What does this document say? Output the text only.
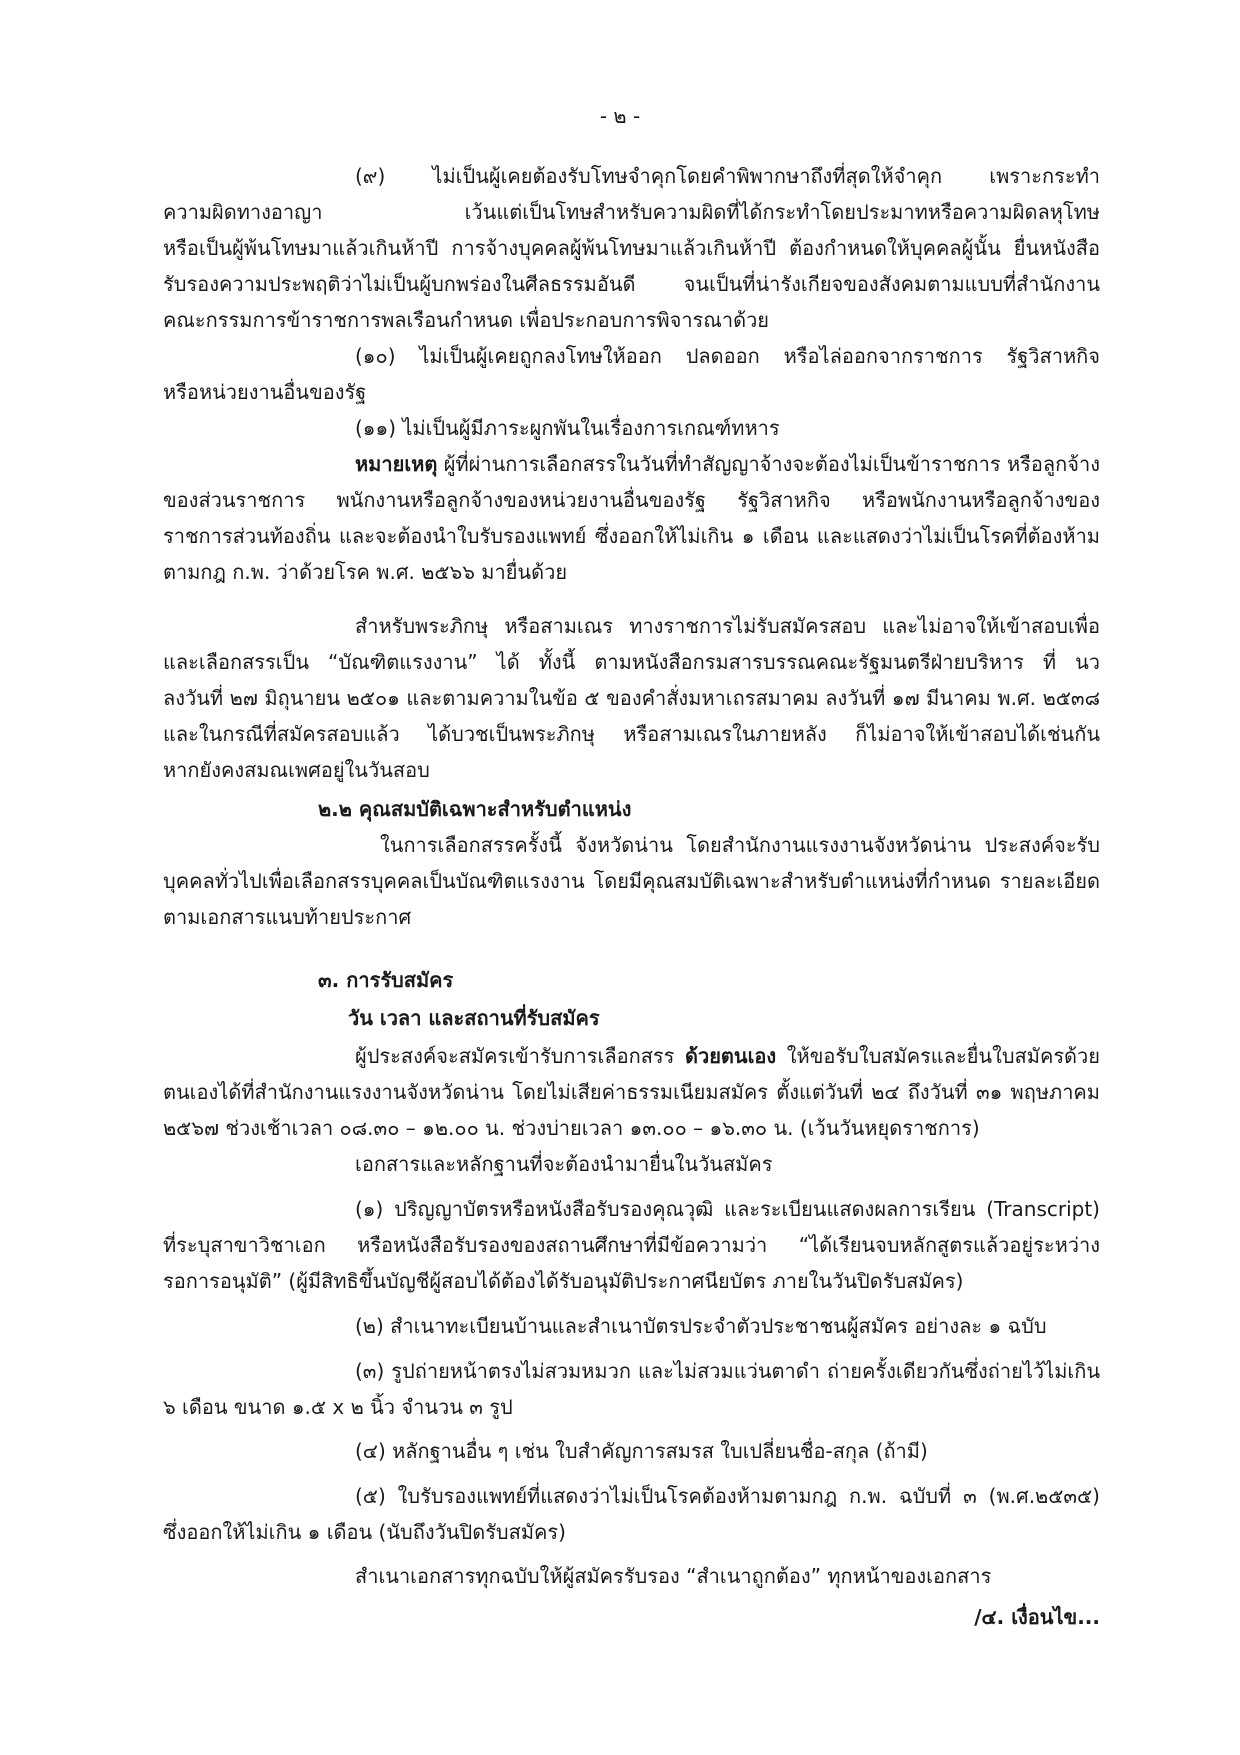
- ๒ -
(๙) ไม่เป็นผู้เคยต้องรับโทษจำคุกโดยคำพิพากษาถึงที่สุดให้จำคุก เพราะกระทำ
ความผิดทางอาญา เว้นแต่เป็นโทษสำหรับความผิดที่ได้กระทำโดยประมาทหรือความผิดลหุโทษ
หรือเป็นผู้พ้นโทษมาแล้วเกินห้าปี การจ้างบุคคลผู้พ้นโทษมาแล้วเกินห้าปี ต้องกำหนดให้บุคคลผู้นั้น ยื่นหนังสือ
รับรองความประพฤติว่าไม่เป็นผู้บกพร่องในศีลธรรมอันดี จนเป็นที่น่ารังเกียจของสังคมตามแบบที่สำนักงาน
คณะกรรมการข้าราชการพลเรือนกำหนด เพื่อประกอบการพิจารณาด้วย
(๑๐) ไม่เป็นผู้เคยถูกลงโทษให้ออก ปลดออก หรือไล่ออกจากราชการ รัฐวิสาหกิจ
หรือหน่วยงานอื่นของรัฐ
(๑๑) ไม่เป็นผู้มีภาระผูกพันในเรื่องการเกณฑ์ทหาร
หมายเหตุ ผู้ที่ผ่านการเลือกสรรในวันที่ทำสัญญาจ้างจะต้องไม่เป็นข้าราชการ หรือลูกจ้าง
ของส่วนราชการ พนักงานหรือลูกจ้างของหน่วยงานอื่นของรัฐ รัฐวิสาหกิจ หรือพนักงานหรือลูกจ้างของ
ราชการส่วนท้องถิ่น และจะต้องนำใบรับรองแพทย์ ซึ่งออกให้ไม่เกิน ๑ เดือน และแสดงว่าไม่เป็นโรคที่ต้องห้าม
ตามกฎ ก.พ. ว่าด้วยโรค พ.ศ. ๒๕๖๖ มายื่นด้วย
สำหรับพระภิกษุ หรือสามเณร ทางราชการไม่รับสมัครสอบ และไม่อาจให้เข้าสอบเพื่อ
และเลือกสรรเป็น “บัณฑิตแรงงาน” ได้ ทั้งนี้ ตามหนังสือกรมสารบรรณคณะรัฐมนตรีฝ่ายบริหาร ที่ นว
ลงวันที่ ๒๗ มิถุนายน ๒๕๐๑ และตามความในข้อ ๕ ของคำสั่งมหาเถรสมาคม ลงวันที่ ๑๗ มีนาคม พ.ศ. ๒๕๓๘
และในกรณีที่สมัครสอบแล้ว ได้บวชเป็นพระภิกษุ หรือสามเณรในภายหลัง ก็ไม่อาจให้เข้าสอบได้เช่นกัน
หากยังคงสมณเพศอยู่ในวันสอบ
๒.๒ คุณสมบัติเฉพาะสำหรับตำแหน่ง
ในการเลือกสรรครั้งนี้ จังหวัดน่าน โดยสำนักงานแรงงานจังหวัดน่าน ประสงค์จะรับ
บุคคลทั่วไปเพื่อเลือกสรรบุคคลเป็นบัณฑิตแรงงาน โดยมีคุณสมบัติเฉพาะสำหรับตำแหน่งที่กำหนด รายละเอียด
ตามเอกสารแนบท้ายประกาศ
๓. การรับสมัคร
วัน เวลา และสถานที่รับสมัคร
ผู้ประสงค์จะสมัครเข้ารับการเลือกสรร ด้วยตนเอง ให้ขอรับใบสมัครและยื่นใบสมัครด้วย
ตนเองได้ที่สำนักงานแรงงานจังหวัดน่าน โดยไม่เสียค่าธรรมเนียมสมัคร ตั้งแต่วันที่ ๒๔ ถึงวันที่ ๓๑ พฤษภาคม
๒๕๖๗ ช่วงเช้าเวลา ๐๘.๓๐ – ๑๒.๐๐ น. ช่วงบ่ายเวลา ๑๓.๐๐ – ๑๖.๓๐ น. (เว้นวันหยุดราชการ)
เอกสารและหลักฐานที่จะต้องนำมายื่นในวันสมัคร
(๑) ปริญญาบัตรหรือหนังสือรับรองคุณวุฒิ และระเบียนแสดงผลการเรียน (Transcript)
ที่ระบุสาขาวิชาเอก หรือหนังสือรับรองของสถานศึกษาที่มีข้อความว่า “ได้เรียนจบหลักสูตรแล้วอยู่ระหว่าง
รอการอนุมัติ” (ผู้มีสิทธิขึ้นบัญชีผู้สอบได้ต้องได้รับอนุมัติประกาศนียบัตร ภายในวันปิดรับสมัคร)
(๒) สำเนาทะเบียนบ้านและสำเนาบัตรประจำตัวประชาชนผู้สมัคร อย่างละ ๑ ฉบับ
(๓) รูปถ่ายหน้าตรงไม่สวมหมวก และไม่สวมแว่นตาดำ ถ่ายครั้งเดียวกันซึ่งถ่ายไว้ไม่เกิน
๖ เดือน ขนาด ๑.๕ x ๒ นิ้ว จำนวน ๓ รูป
(๔) หลักฐานอื่น ๆ เช่น ใบสำคัญการสมรส ใบเปลี่ยนชื่อ-สกุล (ถ้ามี)
(๕) ใบรับรองแพทย์ที่แสดงว่าไม่เป็นโรคต้องห้ามตามกฎ ก.พ. ฉบับที่ ๓ (พ.ศ.๒๕๓๕)
ซึ่งออกให้ไม่เกิน ๑ เดือน (นับถึงวันปิดรับสมัคร)
สำเนาเอกสารทุกฉบับให้ผู้สมัครรับรอง “สำเนาถูกต้อง” ทุกหน้าของเอกสาร
/๔. เงื่อนไข...
